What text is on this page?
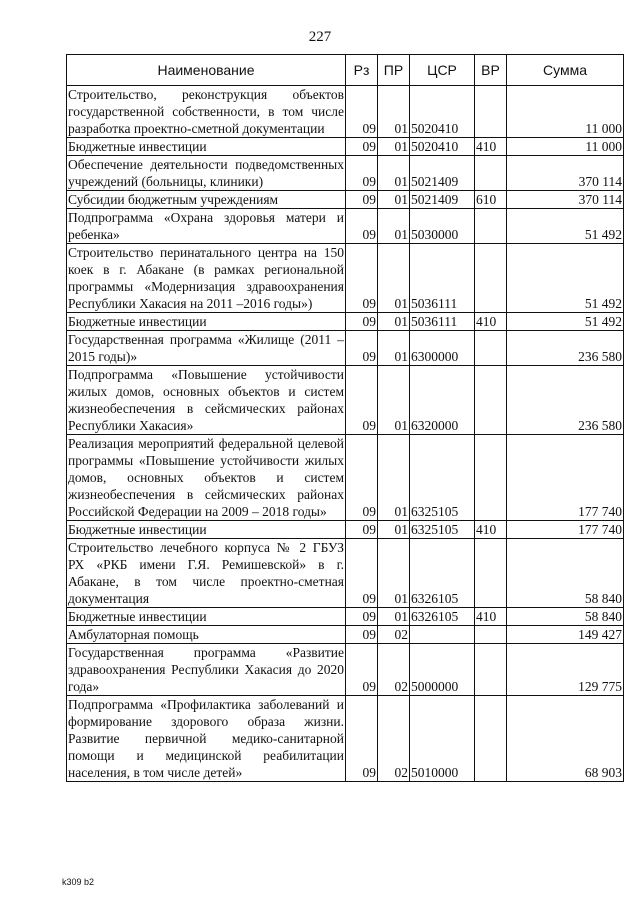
227
Наименование	Рз	ПР	ЦСР	ВР	Сумма
Строительство, реконструкция объектов государственной собственности, в том числе разработка проектно-сметной документации	09	01	5020410		11 000
Бюджетные инвестиции	09	01	5020410	410	11 000
Обеспечение деятельности подведомственных учреждений (больницы, клиники)	09	01	5021409		370 114
Субсидии бюджетным учреждениям	09	01	5021409	610	370 114
Подпрограмма «Охрана здоровья матери и ребенка»	09	01	5030000		51 492
Строительство перинатального центра на 150 коек в г. Абакане (в рамках региональной программы «Модернизация здравоохранения Республики Хакасия на 2011 –2016 годы»)	09	01	5036111		51 492
Бюджетные инвестиции	09	01	5036111	410	51 492
Государственная программа «Жилище (2011 – 2015 годы)»	09	01	6300000		236 580
Подпрограмма «Повышение устойчивости жилых домов, основных объектов и систем жизнеобеспечения в сейсмических районах Республики Хакасия»	09	01	6320000		236 580
Реализация мероприятий федеральной целевой программы «Повышение устойчивости жилых домов, основных объектов и систем жизнеобеспечения в сейсмических районах Российской Федерации на 2009 – 2018 годы»	09	01	6325105		177 740
Бюджетные инвестиции	09	01	6325105	410	177 740
Строительство лечебного корпуса № 2 ГБУЗ РХ «РКБ имени Г.Я. Ремишевской» в г. Абакане, в том числе проектно-сметная документация	09	01	6326105		58 840
Бюджетные инвестиции	09	01	6326105	410	58 840
Амбулаторная помощь	09	02			149 427
Государственная программа «Развитие здравоохранения Республики Хакасия до 2020 года»	09	02	5000000		129 775
Подпрограмма «Профилактика заболеваний и формирование здорового образа жизни. Развитие первичной медико-санитарной помощи и медицинской реабилитации населения, в том числе детей»	09	02	5010000		68 903
k309 b2
